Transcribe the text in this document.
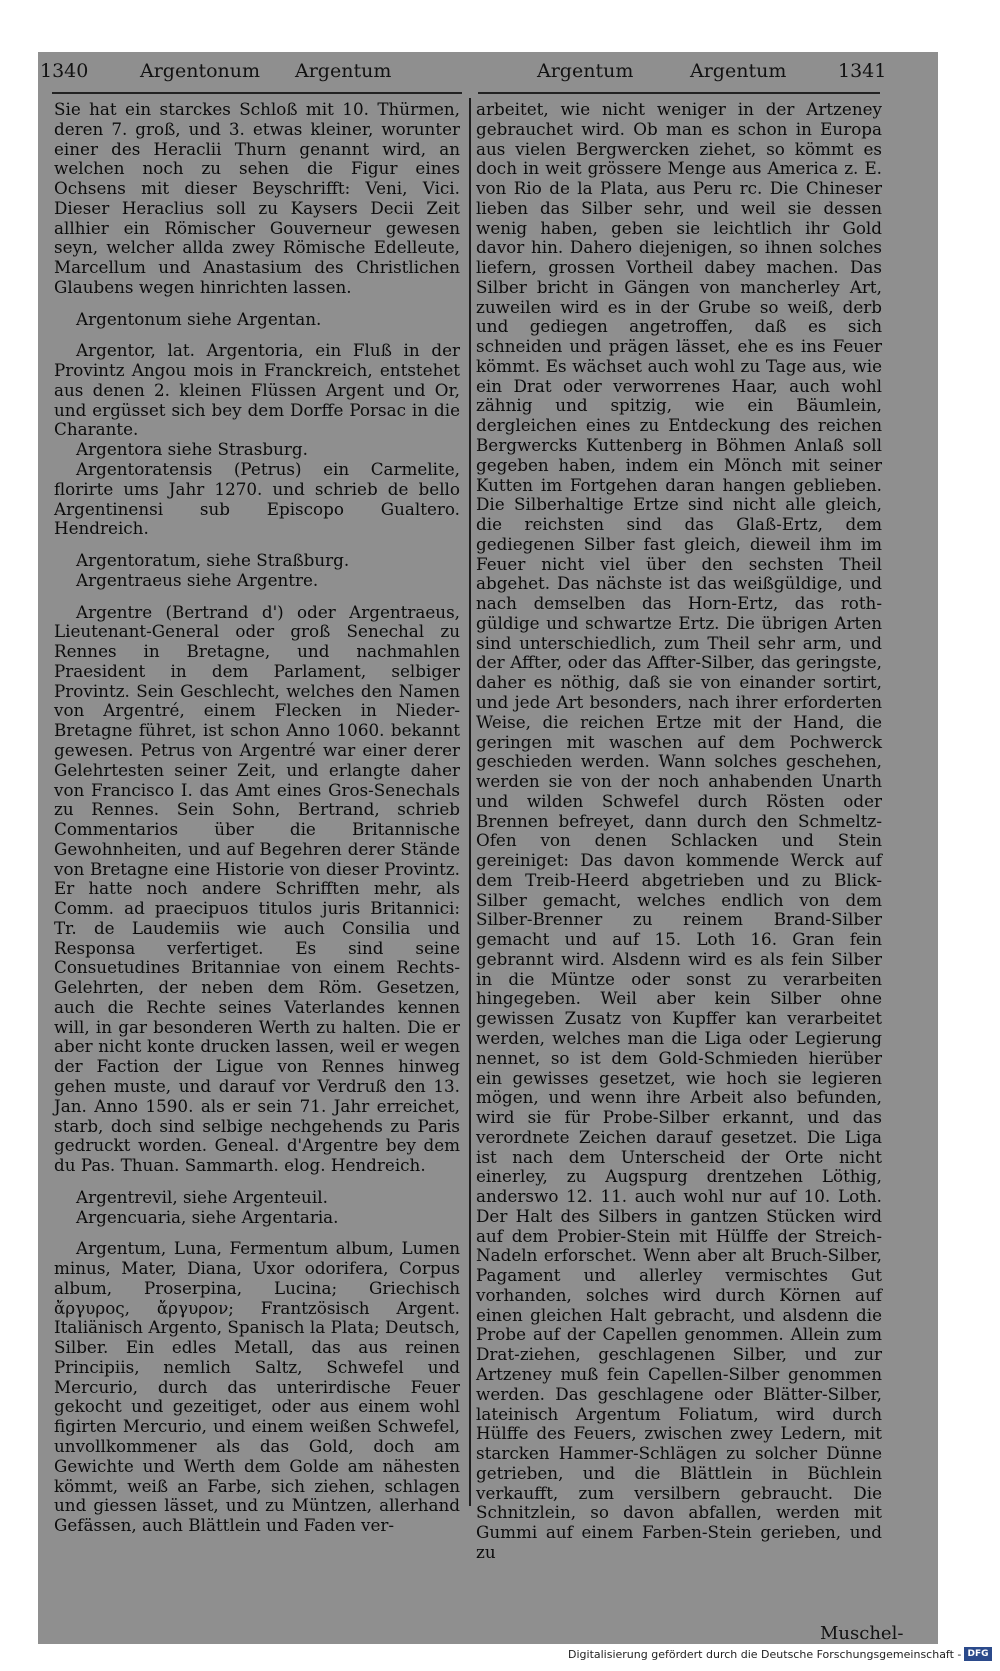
1340	Argentonum Argentum	Argentum	Argentum	1341

Sie hat ein starckes Schloß mit 10. Thürmen, deren 7. groß, und 3. etwas kleiner, worunter einer des Heraclii Thurn genannt wird, an welchen noch zu sehen die Figur eines Ochsens mit dieser Beyschrifft: Veni, Vici. Dieser Heraclius soll zu Kaysers Decii Zeit allhier ein Römischer Gouverneur gewesen seyn, welcher allda zwey Römische Edelleute, Marcellum und Anastasium des Christlichen Glaubens wegen hinrichten lassen.

Argentonum siehe Argentan.

Argentor, lat. Argentoria, ein Fluß in der Provintz Angou mois in Franckreich, entstehet aus denen 2. kleinen Flüssen Argent und Or, und ergüsset sich bey dem Dorffe Porsac in die Charante.

Argentora siehe Strasburg.

Argentoratensis (Petrus) ein Carmelite, florirte ums Jahr 1270. und schrieb de bello Argentinensi sub Episcopo Gualtero. Hendreich.

Argentoratum, siehe Straßburg.

Argentraeus siehe Argentre.

Argentre (Bertrand d') oder Argentraeus, Lieutenant-General oder groß Senechal zu Rennes in Bretagne, und nachmahlen Praesident in dem Parlament, selbiger Provintz. Sein Geschlecht, welches den Namen von Argentré, einem Flecken in Nieder-Bretagne führet, ist schon Anno 1060. bekannt gewesen. Petrus von Argentré war einer derer Gelehrtesten seiner Zeit, und erlangte daher von Francisco I. das Amt eines Gros-Senechals zu Rennes. Sein Sohn, Bertrand, schrieb Commentarios über die Britannische Gewohnheiten, und auf Begehren derer Stände von Bretagne eine Historie von dieser Provintz. Er hatte noch andere Schrifften mehr, als Comm. ad praecipuos titulos juris Britannici: Tr. de Laudemiis wie auch Consilia und Responsa verfertiget. Es sind seine Consuetudines Britanniae von einem Rechts-Gelehrten, der neben dem Röm. Gesetzen, auch die Rechte seines Vaterlandes kennen will, in gar besonderen Werth zu halten. Die er aber nicht konte drucken lassen, weil er wegen der Faction der Ligue von Rennes hinweg gehen muste, und darauf vor Verdruß den 13. Jan. Anno 1590. als er sein 71. Jahr erreichet, starb, doch sind selbige nechgehends zu Paris gedruckt worden. Geneal. d'Argentre bey dem du Pas. Thuan. Sammarth. elog. Hendreich.

Argentrevil, siehe Argenteuil.

Argencuaria, siehe Argentaria.

Argentum, Luna, Fermentum album, Lumen minus, Mater, Diana, Uxor odorifera, Corpus album, Proserpina, Lucina; Griechisch ἄργυρος, ἄργυρον; Frantzösisch Argent. Italiänisch Argento, Spanisch la Plata; Deutsch, Silber. Ein edles Metall, das aus reinen Principiis, nemlich Saltz, Schwefel und Mercurio, durch das unterirdische Feuer gekocht und gezeitiget, oder aus einem wohl figirten Mercurio, und einem weißen Schwefel, unvollkommener als das Gold, doch am Gewichte und Werth dem Golde am nähesten kömmt, weiß an Farbe, sich ziehen, schlagen und giessen lässet, und zu Müntzen, allerhand Gefässen, auch Blättlein und Faden ver-

arbeitet, wie nicht weniger in der Artzeney gebrauchet wird. Ob man es schon in Europa aus vielen Bergwercken ziehet, so kömmt es doch in weit grössere Menge aus America z. E. von Rio de la Plata, aus Peru rc. Die Chineser lieben das Silber sehr, und weil sie dessen wenig haben, geben sie leichtlich ihr Gold davor hin. Dahero diejenigen, so ihnen solches liefern, grossen Vortheil dabey machen. Das Silber bricht in Gängen von mancherley Art, zuweilen wird es in der Grube so weiß, derb und gediegen angetroffen, daß es sich schneiden und prägen lässet, ehe es ins Feuer kömmt. Es wächset auch wohl zu Tage aus, wie ein Drat oder verworrenes Haar, auch wohl zähnig und spitzig, wie ein Bäumlein, dergleichen eines zu Entdeckung des reichen Bergwercks Kuttenberg in Böhmen Anlaß soll gegeben haben, indem ein Mönch mit seiner Kutten im Fortgehen daran hangen geblieben. Die Silberhaltige Ertze sind nicht alle gleich, die reichsten sind das Glaß-Ertz, dem gediegenen Silber fast gleich, dieweil ihm im Feuer nicht viel über den sechsten Theil abgehet. Das nächste ist das weißgüldige, und nach demselben das Horn-Ertz, das roth-güldige und schwartze Ertz. Die übrigen Arten sind unterschiedlich, zum Theil sehr arm, und der Affter, oder das Affter-Silber, das geringste, daher es nöthig, daß sie von einander sortirt, und jede Art besonders, nach ihrer erforderten Weise, die reichen Ertze mit der Hand, die geringen mit waschen auf dem Pochwerck geschieden werden. Wann solches geschehen, werden sie von der noch anhabenden Unarth und wilden Schwefel durch Rösten oder Brennen befreyet, dann durch den Schmeltz-Ofen von denen Schlacken und Stein gereiniget: Das davon kommende Werck auf dem Treib-Heerd abgetrieben und zu Blick-Silber gemacht, welches endlich von dem Silber-Brenner zu reinem Brand-Silber gemacht und auf 15. Loth 16. Gran fein gebrannt wird. Alsdenn wird es als fein Silber in die Müntze oder sonst zu verarbeiten hingegeben. Weil aber kein Silber ohne gewissen Zusatz von Kupffer kan verarbeitet werden, welches man die Liga oder Legierung nennet, so ist dem Gold-Schmieden hierüber ein gewisses gesetzet, wie hoch sie legieren mögen, und wenn ihre Arbeit also befunden, wird sie für Probe-Silber erkannt, und das verordnete Zeichen darauf gesetzet. Die Liga ist nach dem Unterscheid der Orte nicht einerley, zu Augspurg drentzehen Löthig, anderswo 12. 11. auch wohl nur auf 10. Loth. Der Halt des Silbers in gantzen Stücken wird auf dem Probier-Stein mit Hülffe der Streich-Nadeln erforschet. Wenn aber alt Bruch-Silber, Pagament und allerley vermischtes Gut vorhanden, solches wird durch Körnen auf einen gleichen Halt gebracht, und alsdenn die Probe auf der Capellen genommen. Allein zum Drat-ziehen, geschlagenen Silber, und zur Artzeney muß fein Capellen-Silber genommen werden. Das geschlagene oder Blätter-Silber, lateinisch Argentum Foliatum, wird durch Hülffe des Feuers, zwischen zwey Ledern, mit starcken Hammer-Schlägen zu solcher Dünne getrieben, und die Blättlein in Büchlein verkaufft, zum versilbern gebraucht. Die Schnitzlein, so davon abfallen, werden mit Gummi auf einem Farben-Stein gerieben, und zu

Muschel-
Digitalisierung gefördert durch die Deutsche Forschungsgemeinschaft - DFG
